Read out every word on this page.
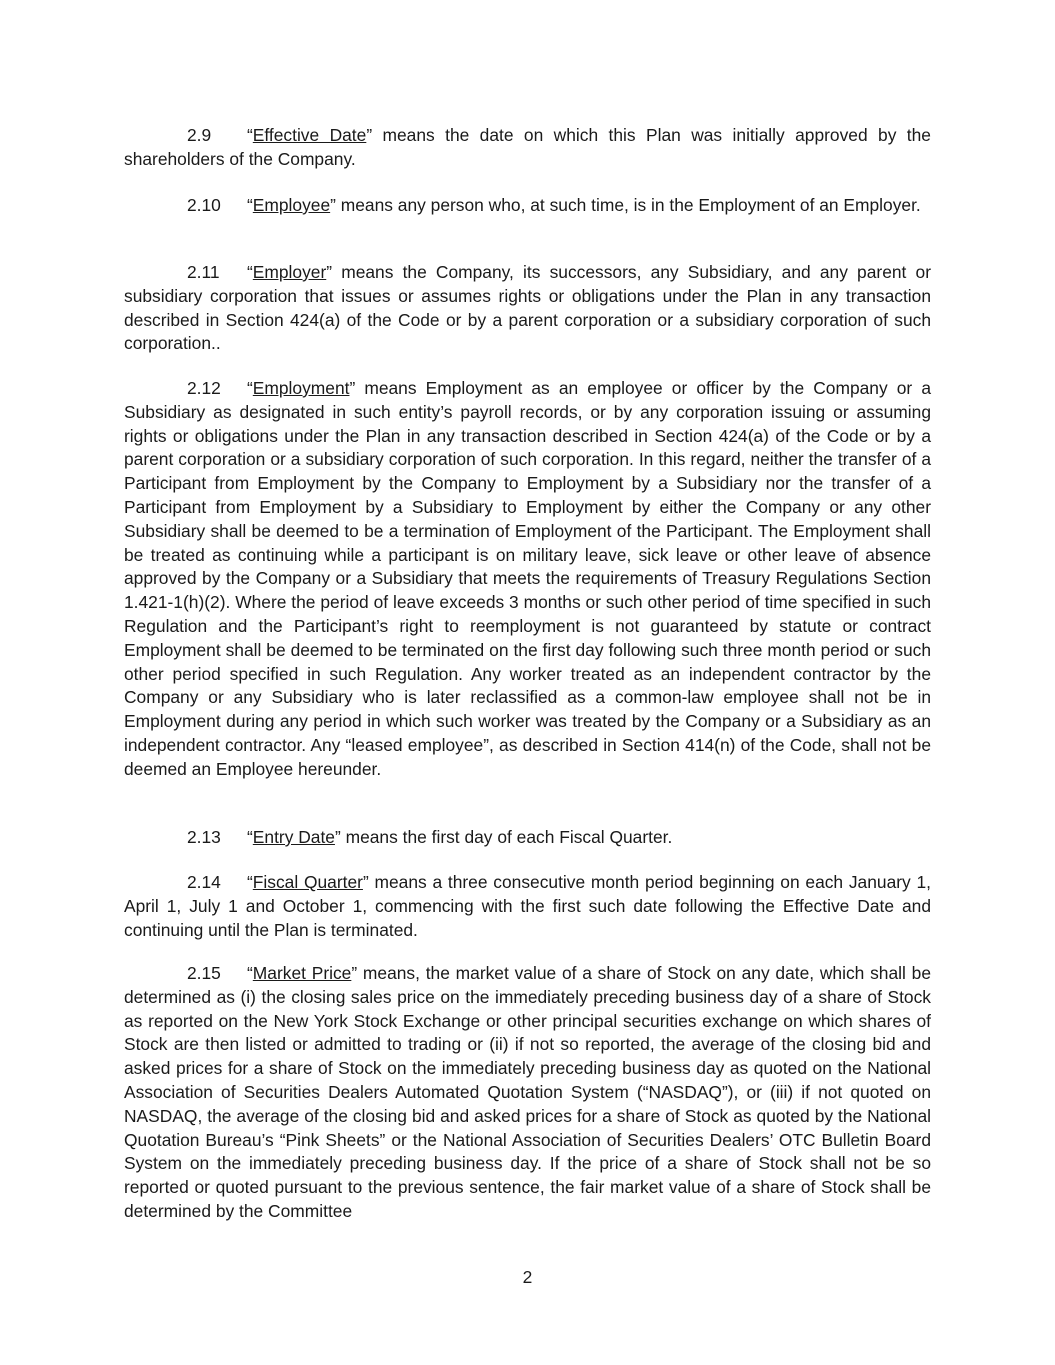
2.9 “Effective Date” means the date on which this Plan was initially approved by the shareholders of the Company.

2.10 “Employee” means any person who, at such time, is in the Employment of an Employer.

2.11 “Employer” means the Company, its successors, any Subsidiary, and any parent or subsidiary corporation that issues or assumes rights or obligations under the Plan in any transaction described in Section 424(a) of the Code or by a parent corporation or a subsidiary corporation of such corporation..

2.12 “Employment” means Employment as an employee or officer by the Company or a Subsidiary as designated in such entity’s payroll records, or by any corporation issuing or assuming rights or obligations under the Plan in any transaction described in Section 424(a) of the Code or by a parent corporation or a subsidiary corporation of such corporation. In this regard, neither the transfer of a Participant from Employment by the Company to Employment by a Subsidiary nor the transfer of a Participant from Employment by a Subsidiary to Employment by either the Company or any other Subsidiary shall be deemed to be a termination of Employment of the Participant. The Employment shall be treated as continuing while a participant is on military leave, sick leave or other leave of absence approved by the Company or a Subsidiary that meets the requirements of Treasury Regulations Section 1.421-1(h)(2). Where the period of leave exceeds 3 months or such other period of time specified in such Regulation and the Participant’s right to reemployment is not guaranteed by statute or contract Employment shall be deemed to be terminated on the first day following such three month period or such other period specified in such Regulation. Any worker treated as an independent contractor by the Company or any Subsidiary who is later reclassified as a common-law employee shall not be in Employment during any period in which such worker was treated by the Company or a Subsidiary as an independent contractor. Any “leased employee”, as described in Section 414(n) of the Code, shall not be deemed an Employee hereunder.

2.13 “Entry Date” means the first day of each Fiscal Quarter.

2.14 “Fiscal Quarter” means a three consecutive month period beginning on each January 1, April 1, July 1 and October 1, commencing with the first such date following the Effective Date and continuing until the Plan is terminated.

2.15 “Market Price” means, the market value of a share of Stock on any date, which shall be determined as (i) the closing sales price on the immediately preceding business day of a share of Stock as reported on the New York Stock Exchange or other principal securities exchange on which shares of Stock are then listed or admitted to trading or (ii) if not so reported, the average of the closing bid and asked prices for a share of Stock on the immediately preceding business day as quoted on the National Association of Securities Dealers Automated Quotation System (“NASDAQ”), or (iii) if not quoted on NASDAQ, the average of the closing bid and asked prices for a share of Stock as quoted by the National Quotation Bureau’s “Pink Sheets” or the National Association of Securities Dealers’ OTC Bulletin Board System on the immediately preceding business day. If the price of a share of Stock shall not be so reported or quoted pursuant to the previous sentence, the fair market value of a share of Stock shall be determined by the Committee

2
